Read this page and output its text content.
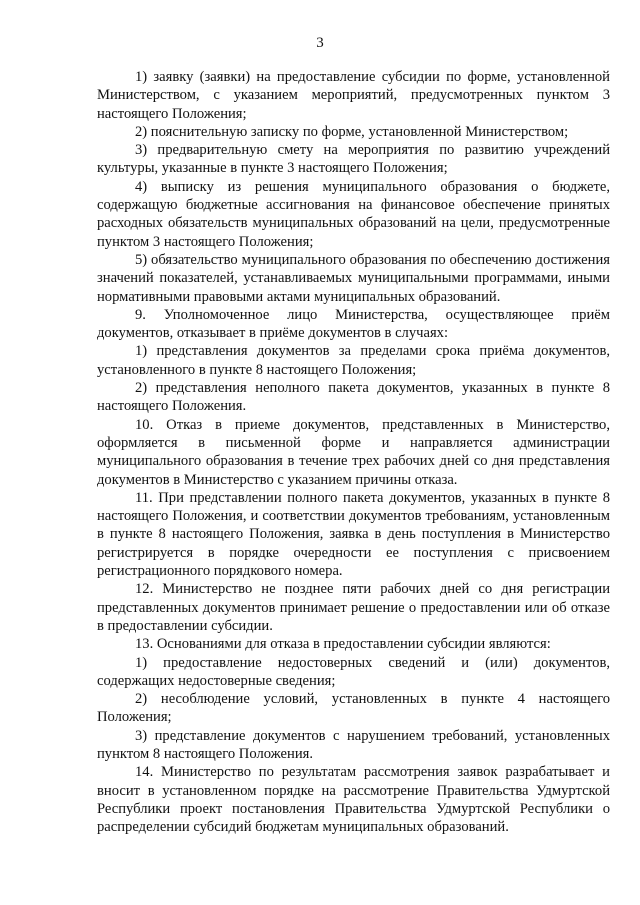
3

1) заявку (заявки) на предоставление субсидии по форме, установленной Министерством, с указанием мероприятий, предусмотренных пунктом 3 настоящего Положения;

2) пояснительную записку по форме, установленной Министерством;

3) предварительную смету на мероприятия по развитию учреждений культуры, указанные в пункте 3 настоящего Положения;

4) выписку из решения муниципального образования о бюджете, содержащую бюджетные ассигнования на финансовое обеспечение принятых расходных обязательств муниципальных образований на цели, предусмотренные пунктом 3 настоящего Положения;

5) обязательство муниципального образования по обеспечению достижения значений показателей, устанавливаемых муниципальными программами, иными нормативными правовыми актами муниципальных образований.

9. Уполномоченное лицо Министерства, осуществляющее приём документов, отказывает в приёме документов в случаях:

1) представления документов за пределами срока приёма документов, установленного в пункте 8 настоящего Положения;

2) представления неполного пакета документов, указанных в пункте 8 настоящего Положения.

10. Отказ в приеме документов, представленных в Министерство, оформляется в письменной форме и направляется администрации муниципального образования в течение трех рабочих дней со дня представления документов в Министерство с указанием причины отказа.

11. При представлении полного пакета документов, указанных в пункте 8 настоящего Положения, и соответствии документов требованиям, установленным в пункте 8 настоящего Положения, заявка в день поступления в Министерство регистрируется в порядке очередности ее поступления с присвоением регистрационного порядкового номера.

12. Министерство не позднее пяти рабочих дней со дня регистрации представленных документов принимает решение о предоставлении или об отказе в предоставлении субсидии.

13. Основаниями для отказа в предоставлении субсидии являются:

1) предоставление недостоверных сведений и (или) документов, содержащих недостоверные сведения;

2) несоблюдение условий, установленных в пункте 4 настоящего Положения;

3) представление документов с нарушением требований, установленных пунктом 8 настоящего Положения.

14. Министерство по результатам рассмотрения заявок разрабатывает и вносит в установленном порядке на рассмотрение Правительства Удмуртской Республики проект постановления Правительства Удмуртской Республики о распределении субсидий бюджетам муниципальных образований.
